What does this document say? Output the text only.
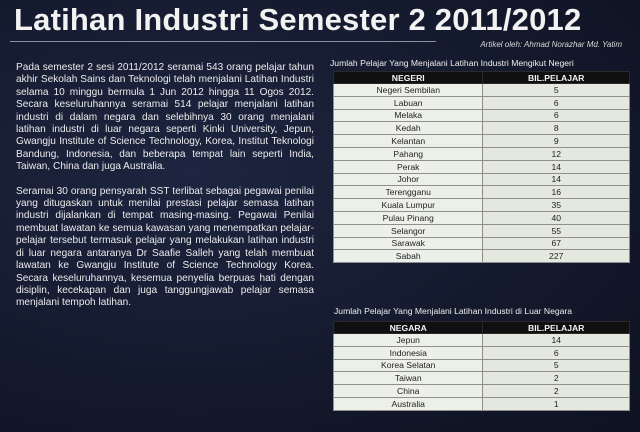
Latihan Industri Semester 2 2011/2012
Artikel oleh: Ahmad Norazhar Md. Yatim

Pada semester 2 sesi 2011/2012 seramai 543 orang pelajar tahun akhir Sekolah Sains dan Teknologi telah menjalani Latihan Industri selama 10 minggu bermula 1 Jun 2012 hingga 11 Ogos 2012. Secara keseluruhannya seramai 514 pelajar menjalani latihan industri di dalam negara dan selebihnya 30 orang menjalani latihan industri di luar negara seperti Kinki University, Jepun, Gwangju Institute of Science Technology, Korea, Institut Teknologi Bandung, Indonesia, dan beberapa tempat lain seperti India, Taiwan, China dan juga Australia.

Seramai 30 orang pensyarah SST terlibat sebagai pegawai penilai yang ditugaskan untuk menilai prestasi pelajar semasa latihan industri dijalankan di tempat masing-masing. Pegawai Penilai membuat lawatan ke semua kawasan yang menempatkan pelajar-pelajar tersebut termasuk pelajar yang melakukan latihan industri di luar negara antaranya Dr Saafie Salleh yang telah membuat lawatan ke Gwangju Institute of Science Technology Korea. Secara keseluruhannya, kesemua penyelia berpuas hati dengan disiplin, kecekapan dan juga tanggungjawab pelajar semasa menjalani tempoh latihan.

Jumlah Pelajar Yang Menjalani Latihan Industri Mengikut Negeri
NEGERI	BIL.PELAJAR
Negeri Sembilan	5
Labuan	6
Melaka	6
Kedah	8
Kelantan	9
Pahang	12
Perak	14
Johor	14
Terengganu	16
Kuala Lumpur	35
Pulau Pinang	40
Selangor	55
Sarawak	67
Sabah	227
Jumlah Pelajar Yang Menjalani Latihan Industri di Luar Negara
NEGARA	BIL.PELAJAR
Jepun	14
Indonesia	6
Korea Selatan	5
Taiwan	2
China	2
Australia	1
